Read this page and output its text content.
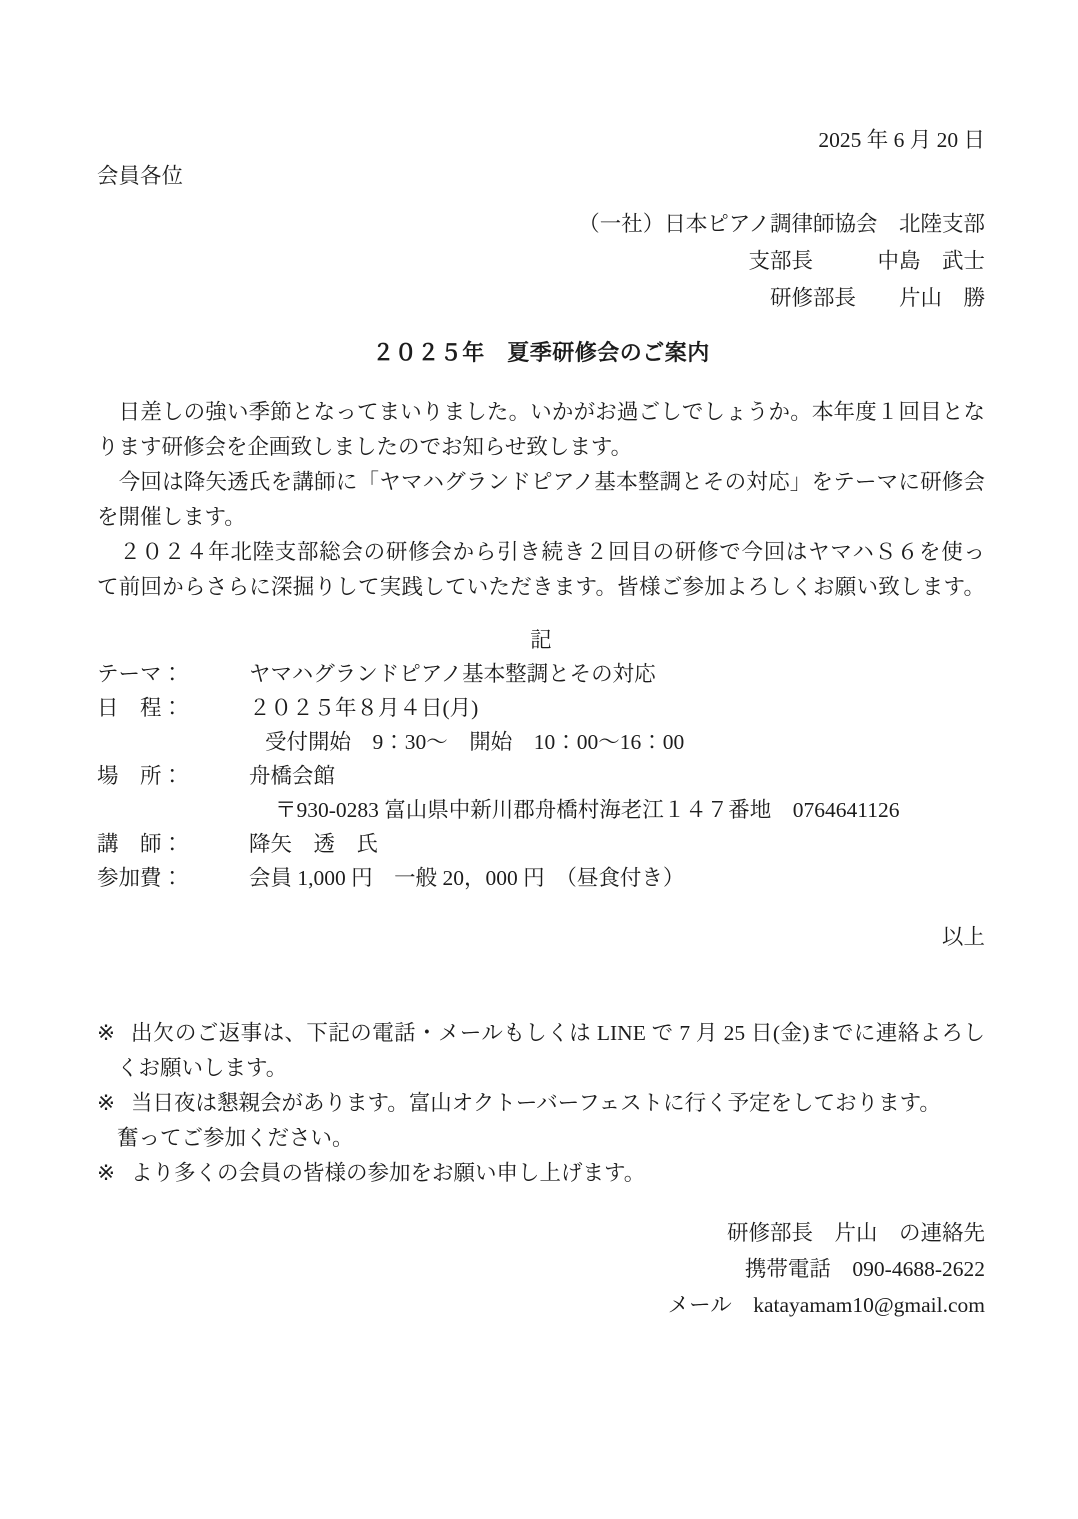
2025 年 6 月 20 日
会員各位
（一社）日本ピアノ調律師協会　北陸支部
支部長　　　中島　武士
研修部長　　片山　勝　
２０２５年　夏季研修会のご案内
　日差しの強い季節となってまいりました。いかがお過ごしでしょうか。本年度１回目とな
ります研修会を企画致しましたのでお知らせ致します。
　今回は降矢透氏を講師に「ヤマハグランドピアノ基本整調とその対応」をテーマに研修会
を開催します。
　２０２４年北陸支部総会の研修会から引き続き２回目の研修で今回はヤマハＳ６を使っ
て前回からさらに深掘りして実践していただきます。皆様ご参加よろしくお願い致します。
記
テーマ：	ヤマハグランドピアノ基本整調とその対応
日　程：	２０２５年８月４日(月)
受付開始　9：30～　開始　10：00～16：00
場　所：	舟橋会館
〒930-0283 富山県中新川郡舟橋村海老江１４７番地　0764641126
講　師：	降矢　透　氏
参加費：	会員 1,000 円　一般 20，000 円　（昼食付き）
以上
※ 出欠のご返事は、下記の電話・メールもしくは LINE で 7 月 25 日(金)までに連絡よろし
くお願いします。
※ 当日夜は懇親会があります。富山オクトーバーフェストに行く予定をしております。
奮ってご参加ください。
※ より多くの会員の皆様の参加をお願い申し上げます。
研修部長　片山　の連絡先
携帯電話　090-4688-2622
メール　katayamam10@gmail.com
